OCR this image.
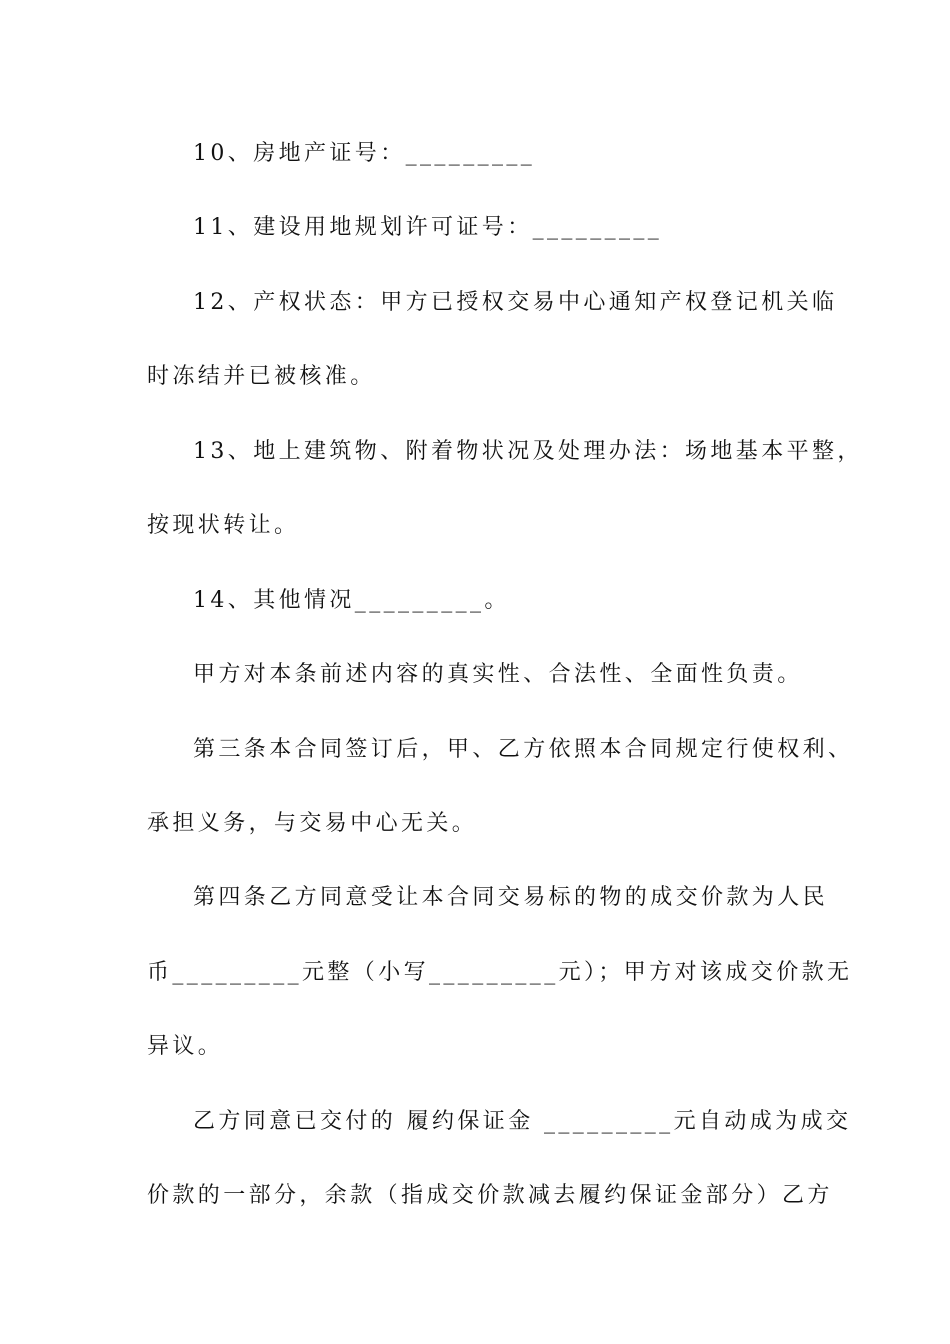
10、房地产证号：_________
11、建设用地规划许可证号：_________
12、产权状态：甲方已授权交易中心通知产权登记机关临
时冻结并已被核准。
13、地上建筑物、附着物状况及处理办法：场地基本平整，
按现状转让。
14、其他情况_________。
甲方对本条前述内容的真实性、合法性、全面性负责。
第三条本合同签订后，甲、乙方依照本合同规定行使权利、
承担义务，与交易中心无关。
第四条乙方同意受让本合同交易标的物的成交价款为人民
币_________元整（小写_________元）；甲方对该成交价款无
异议。
乙方同意已交付的 履约保证金 _________元自动成为成交
价款的一部分，余款（指成交价款减去履约保证金部分）乙方
